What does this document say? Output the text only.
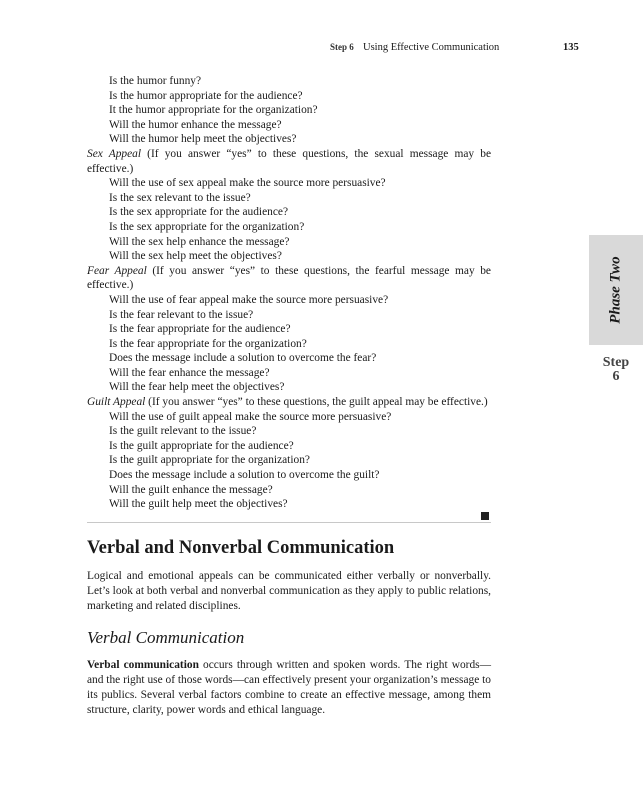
Step 6 Using Effective Communication	135
Is the humor funny?
Is the humor appropriate for the audience?
It the humor appropriate for the organization?
Will the humor enhance the message?
Will the humor help meet the objectives?
Sex Appeal (If you answer “yes” to these questions, the sexual message may be effective.)
Will the use of sex appeal make the source more persuasive?
Is the sex relevant to the issue?
Is the sex appropriate for the audience?
Is the sex appropriate for the organization?
Will the sex help enhance the message?
Will the sex help meet the objectives?
Fear Appeal (If you answer “yes” to these questions, the fearful message may be effective.)
Will the use of fear appeal make the source more persuasive?
Is the fear relevant to the issue?
Is the fear appropriate for the audience?
Is the fear appropriate for the organization?
Does the message include a solution to overcome the fear?
Will the fear enhance the message?
Will the fear help meet the objectives?
Guilt Appeal (If you answer “yes” to these questions, the guilt appeal may be effective.)
Will the use of guilt appeal make the source more persuasive?
Is the guilt relevant to the issue?
Is the guilt appropriate for the audience?
Is the guilt appropriate for the organization?
Does the message include a solution to overcome the guilt?
Will the guilt enhance the message?
Will the guilt help meet the objectives?
Verbal and Nonverbal Communication

Logical and emotional appeals can be communicated either verbally or nonverbally. Let’s look at both verbal and nonverbal communication as they apply to public relations, marketing and related disciplines.

Verbal Communication

Verbal communication occurs through written and spoken words. The right words—and the right use of those words—can effectively present your organization’s message to its publics. Several verbal factors combine to create an effective message, among them structure, clarity, power words and ethical language.

Phase Two
Step
6
